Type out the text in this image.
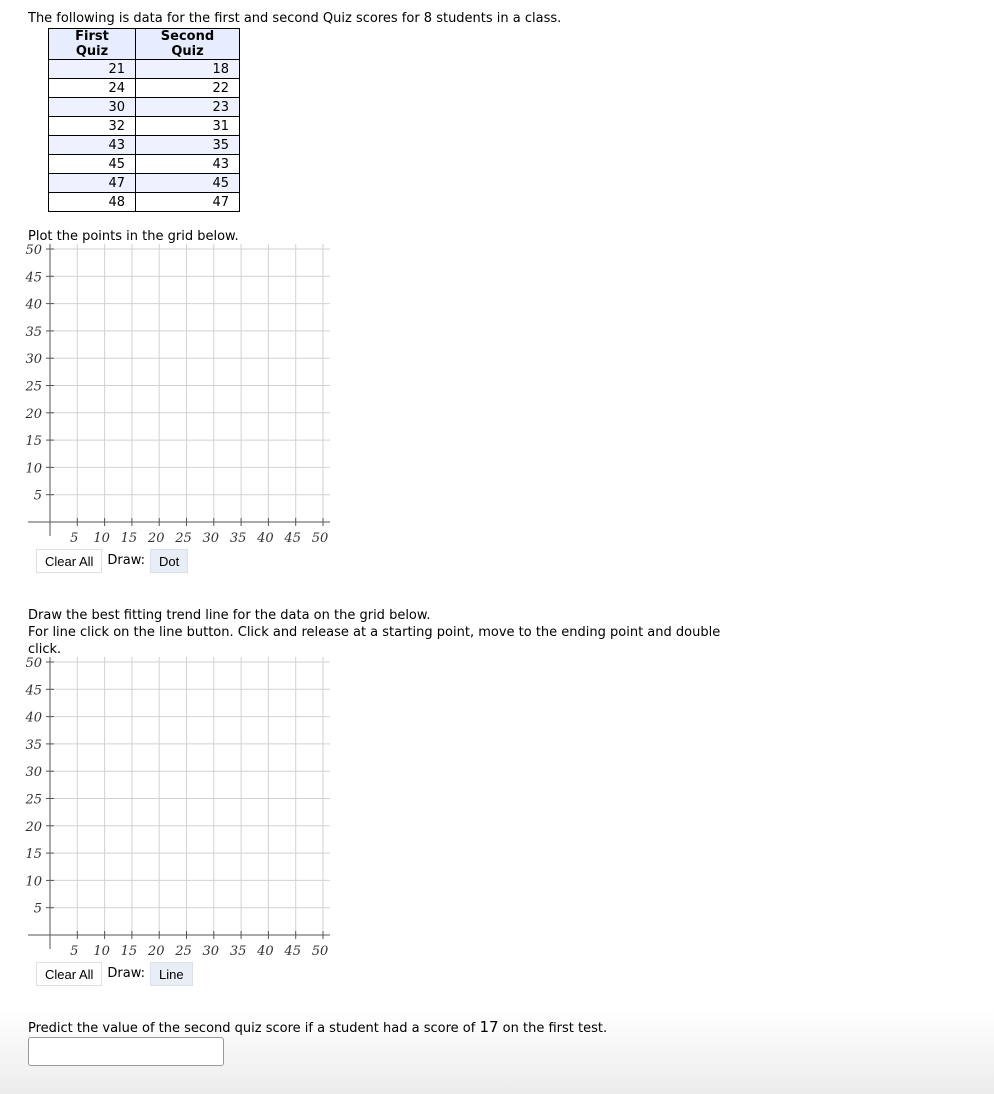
The following is data for the first and second Quiz scores for 8 students in a class.
First Quiz	Second Quiz
21	18
24	22
30	23
32	31
43	35
45	43
47	45
48	47
Plot the points in the grid below.
5
10
15
20
25
30
35
40
45
50
5 10 15 20 25 30 35 40 45 50
Clear All	Draw:	Dot
Draw the best fitting trend line for the data on the grid below.
For line click on the line button. Click and release at a starting point, move to the ending point and double
click.
5
10
15
20
25
30
35
40
45
50
5 10 15 20 25 30 35 40 45 50
Clear All	Draw:	Line
Predict the value of the second quiz score if a student had a score of 17 on the first test.
